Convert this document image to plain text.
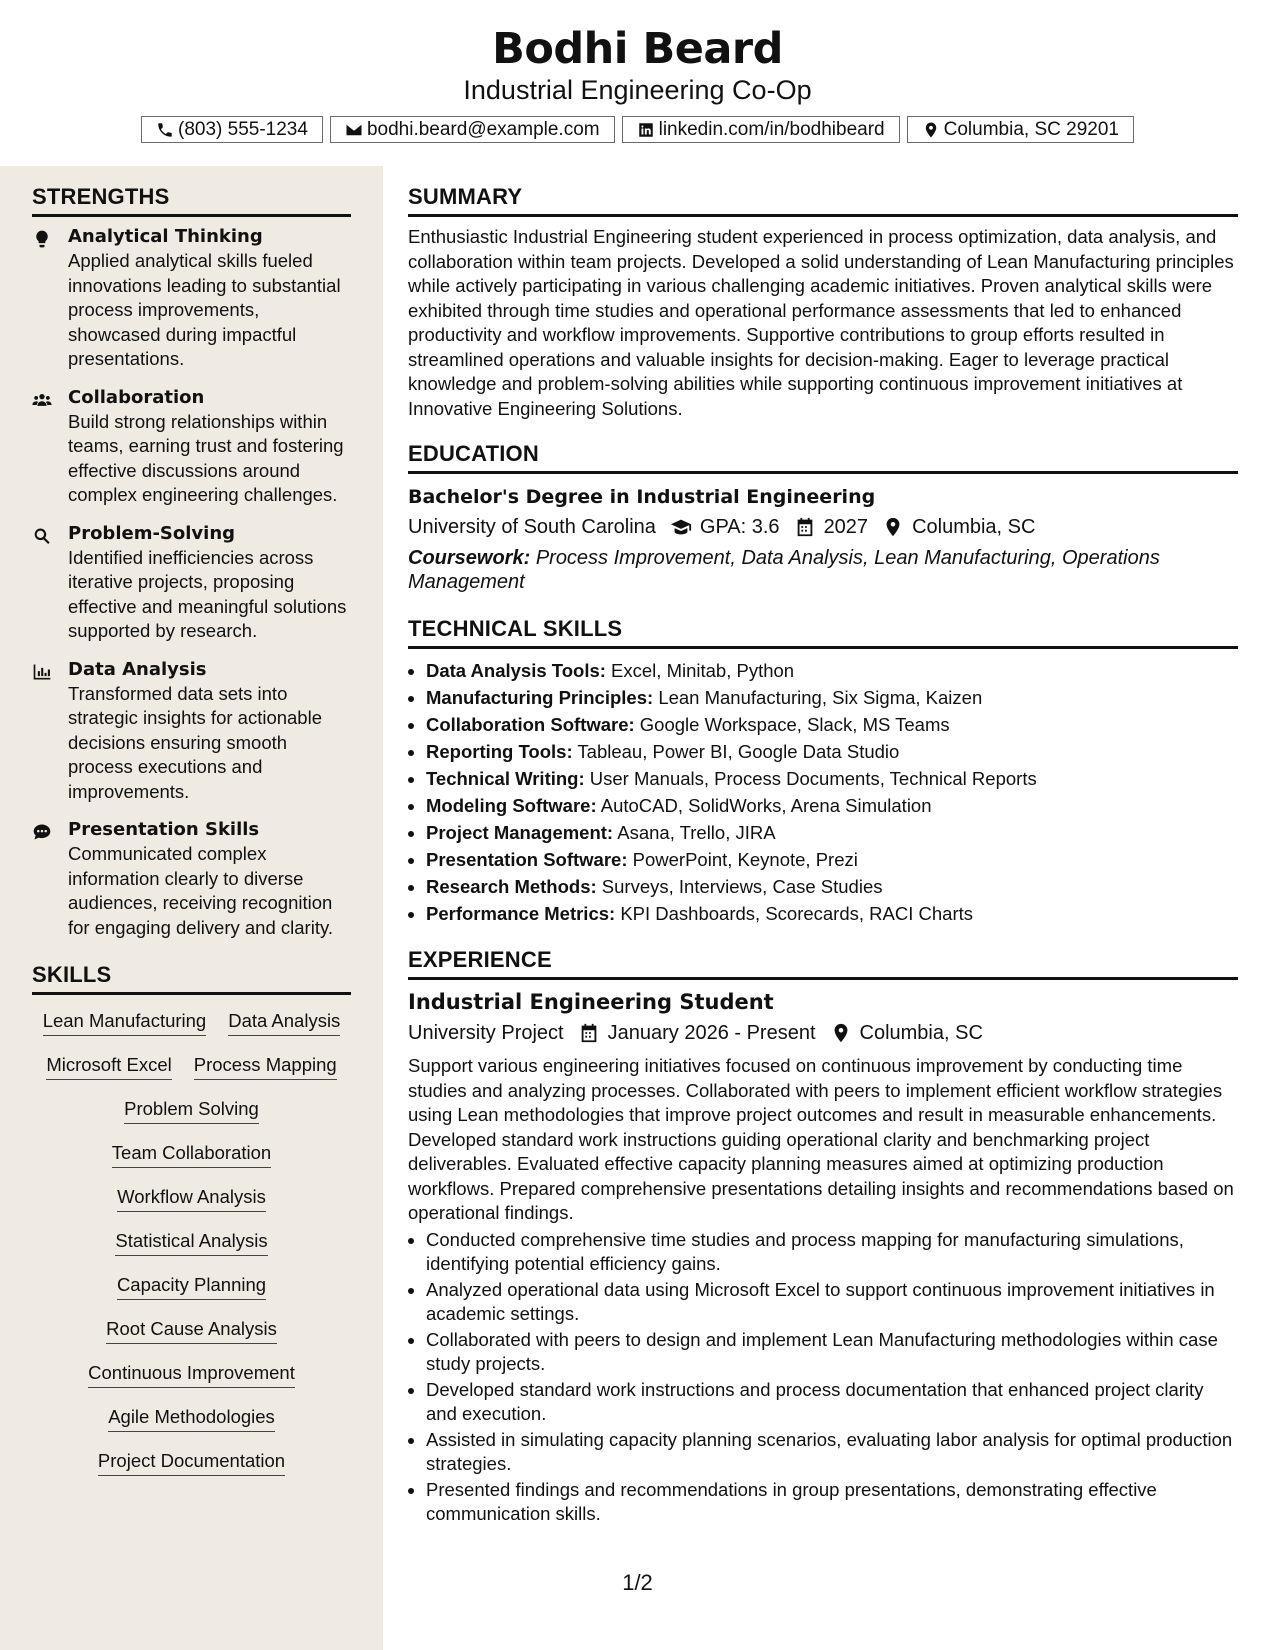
Bodhi Beard
Industrial Engineering Co-Op
(803) 555-1234	bodhi.beard@example.com	linkedin.com/in/bodhibeard	Columbia, SC 29201
STRENGTHS
Analytical Thinking
Applied analytical skills fueled innovations leading to substantial process improvements, showcased during impactful presentations.
Collaboration
Build strong relationships within teams, earning trust and fostering effective discussions around complex engineering challenges.
Problem-Solving
Identified inefficiencies across iterative projects, proposing effective and meaningful solutions supported by research.
Data Analysis
Transformed data sets into strategic insights for actionable decisions ensuring smooth process executions and improvements.
Presentation Skills
Communicated complex information clearly to diverse audiences, receiving recognition for engaging delivery and clarity.
SKILLS
Lean Manufacturing Data Analysis
Microsoft Excel Process Mapping
Problem Solving
Team Collaboration
Workflow Analysis
Statistical Analysis
Capacity Planning
Root Cause Analysis
Continuous Improvement
Agile Methodologies
Project Documentation
SUMMARY
Enthusiastic Industrial Engineering student experienced in process optimization, data analysis, and collaboration within team projects. Developed a solid understanding of Lean Manufacturing principles while actively participating in various challenging academic initiatives. Proven analytical skills were exhibited through time studies and operational performance assessments that led to enhanced productivity and workflow improvements. Supportive contributions to group efforts resulted in streamlined operations and valuable insights for decision-making. Eager to leverage practical knowledge and problem-solving abilities while supporting continuous improvement initiatives at Innovative Engineering Solutions.
EDUCATION
Bachelor's Degree in Industrial Engineering
University of South Carolina GPA: 3.6 2027 Columbia, SC
Coursework: Process Improvement, Data Analysis, Lean Manufacturing, Operations Management
TECHNICAL SKILLS
• Data Analysis Tools: Excel, Minitab, Python
• Manufacturing Principles: Lean Manufacturing, Six Sigma, Kaizen
• Collaboration Software: Google Workspace, Slack, MS Teams
• Reporting Tools: Tableau, Power BI, Google Data Studio
• Technical Writing: User Manuals, Process Documents, Technical Reports
• Modeling Software: AutoCAD, SolidWorks, Arena Simulation
• Project Management: Asana, Trello, JIRA
• Presentation Software: PowerPoint, Keynote, Prezi
• Research Methods: Surveys, Interviews, Case Studies
• Performance Metrics: KPI Dashboards, Scorecards, RACI Charts
EXPERIENCE
Industrial Engineering Student
University Project January 2026 - Present Columbia, SC
Support various engineering initiatives focused on continuous improvement by conducting time studies and analyzing processes. Collaborated with peers to implement efficient workflow strategies using Lean methodologies that improve project outcomes and result in measurable enhancements. Developed standard work instructions guiding operational clarity and benchmarking project deliverables. Evaluated effective capacity planning measures aimed at optimizing production workflows. Prepared comprehensive presentations detailing insights and recommendations based on operational findings.
• Conducted comprehensive time studies and process mapping for manufacturing simulations, identifying potential efficiency gains.
• Analyzed operational data using Microsoft Excel to support continuous improvement initiatives in academic settings.
• Collaborated with peers to design and implement Lean Manufacturing methodologies within case study projects.
• Developed standard work instructions and process documentation that enhanced project clarity and execution.
• Assisted in simulating capacity planning scenarios, evaluating labor analysis for optimal production strategies.
• Presented findings and recommendations in group presentations, demonstrating effective communication skills.
1/2
